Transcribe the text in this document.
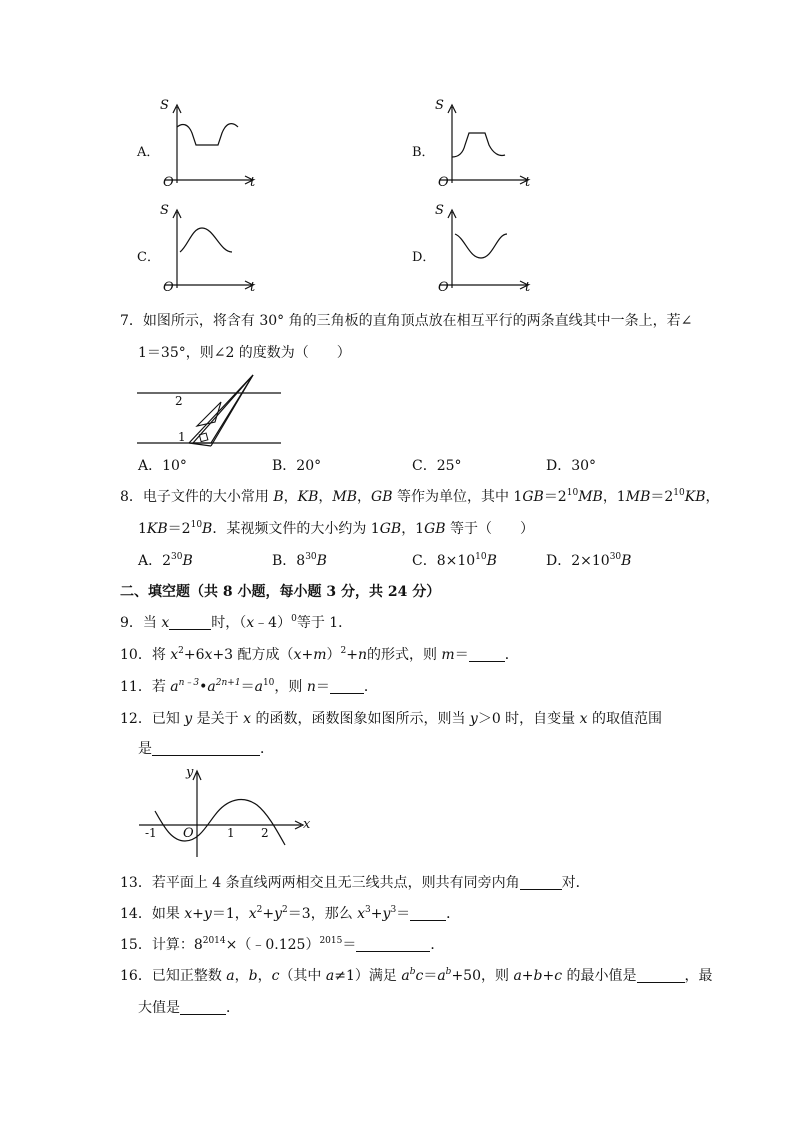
A．
S
O	t
B．
S
O	t
C．
S
O	t
D．
S
O	t
7．如图所示，将含有 30° 角的三角板的直角顶点放在相互平行的两条直线其中一条上，若∠
1＝35°，则∠2 的度数为（　　）
2
1
A．10°	B．20°	C．25°	D．30°
8．电子文件的大小常用 B，KB，MB，GB 等作为单位，其中 $1GB=2^{10}MB$，$1MB=2^{10}KB$，
$1KB=2^{10}B$．某视频文件的大小约为 1GB，1GB 等于（　　）
A．$2^{30}B$	B．$8^{30}B$	C．$8\times 10^{10}B$	D．$2\times 10^{30}B$
二、填空题（共 8 小题，每小题 3 分，共 24 分）
9．当 x	时，（x﹣4）$^0$等于 1．
10．将 $x^2+6x+3$ 配方成$(x+m)^2+n$的形式，则 m＝	．
11．若 $a^{n﹣3}•a^{2n+1}=a^{10}$，则 n＝ ．
12．已知 y 是关于 x 的函数，函数图象如图所示，则当 y＞0 时，自变量 x 的取值范围
是	．
y
x
O
-1	1 2
13．若平面上 4 条直线两两相交且无三线共点，则共有同旁内角	对．
14．如果 x+y＝1，$x^2+y^2=3$，那么 $x^3+y^3=$	．
15．计算：$8^{2014}\times(﹣0.125)^{2015}=$	．
16．已知正整数 a，b，c（其中 a≠1）满足 $a^bc=a^b+50$，则 a+b+c 的最小值是	，最
大值是	．
